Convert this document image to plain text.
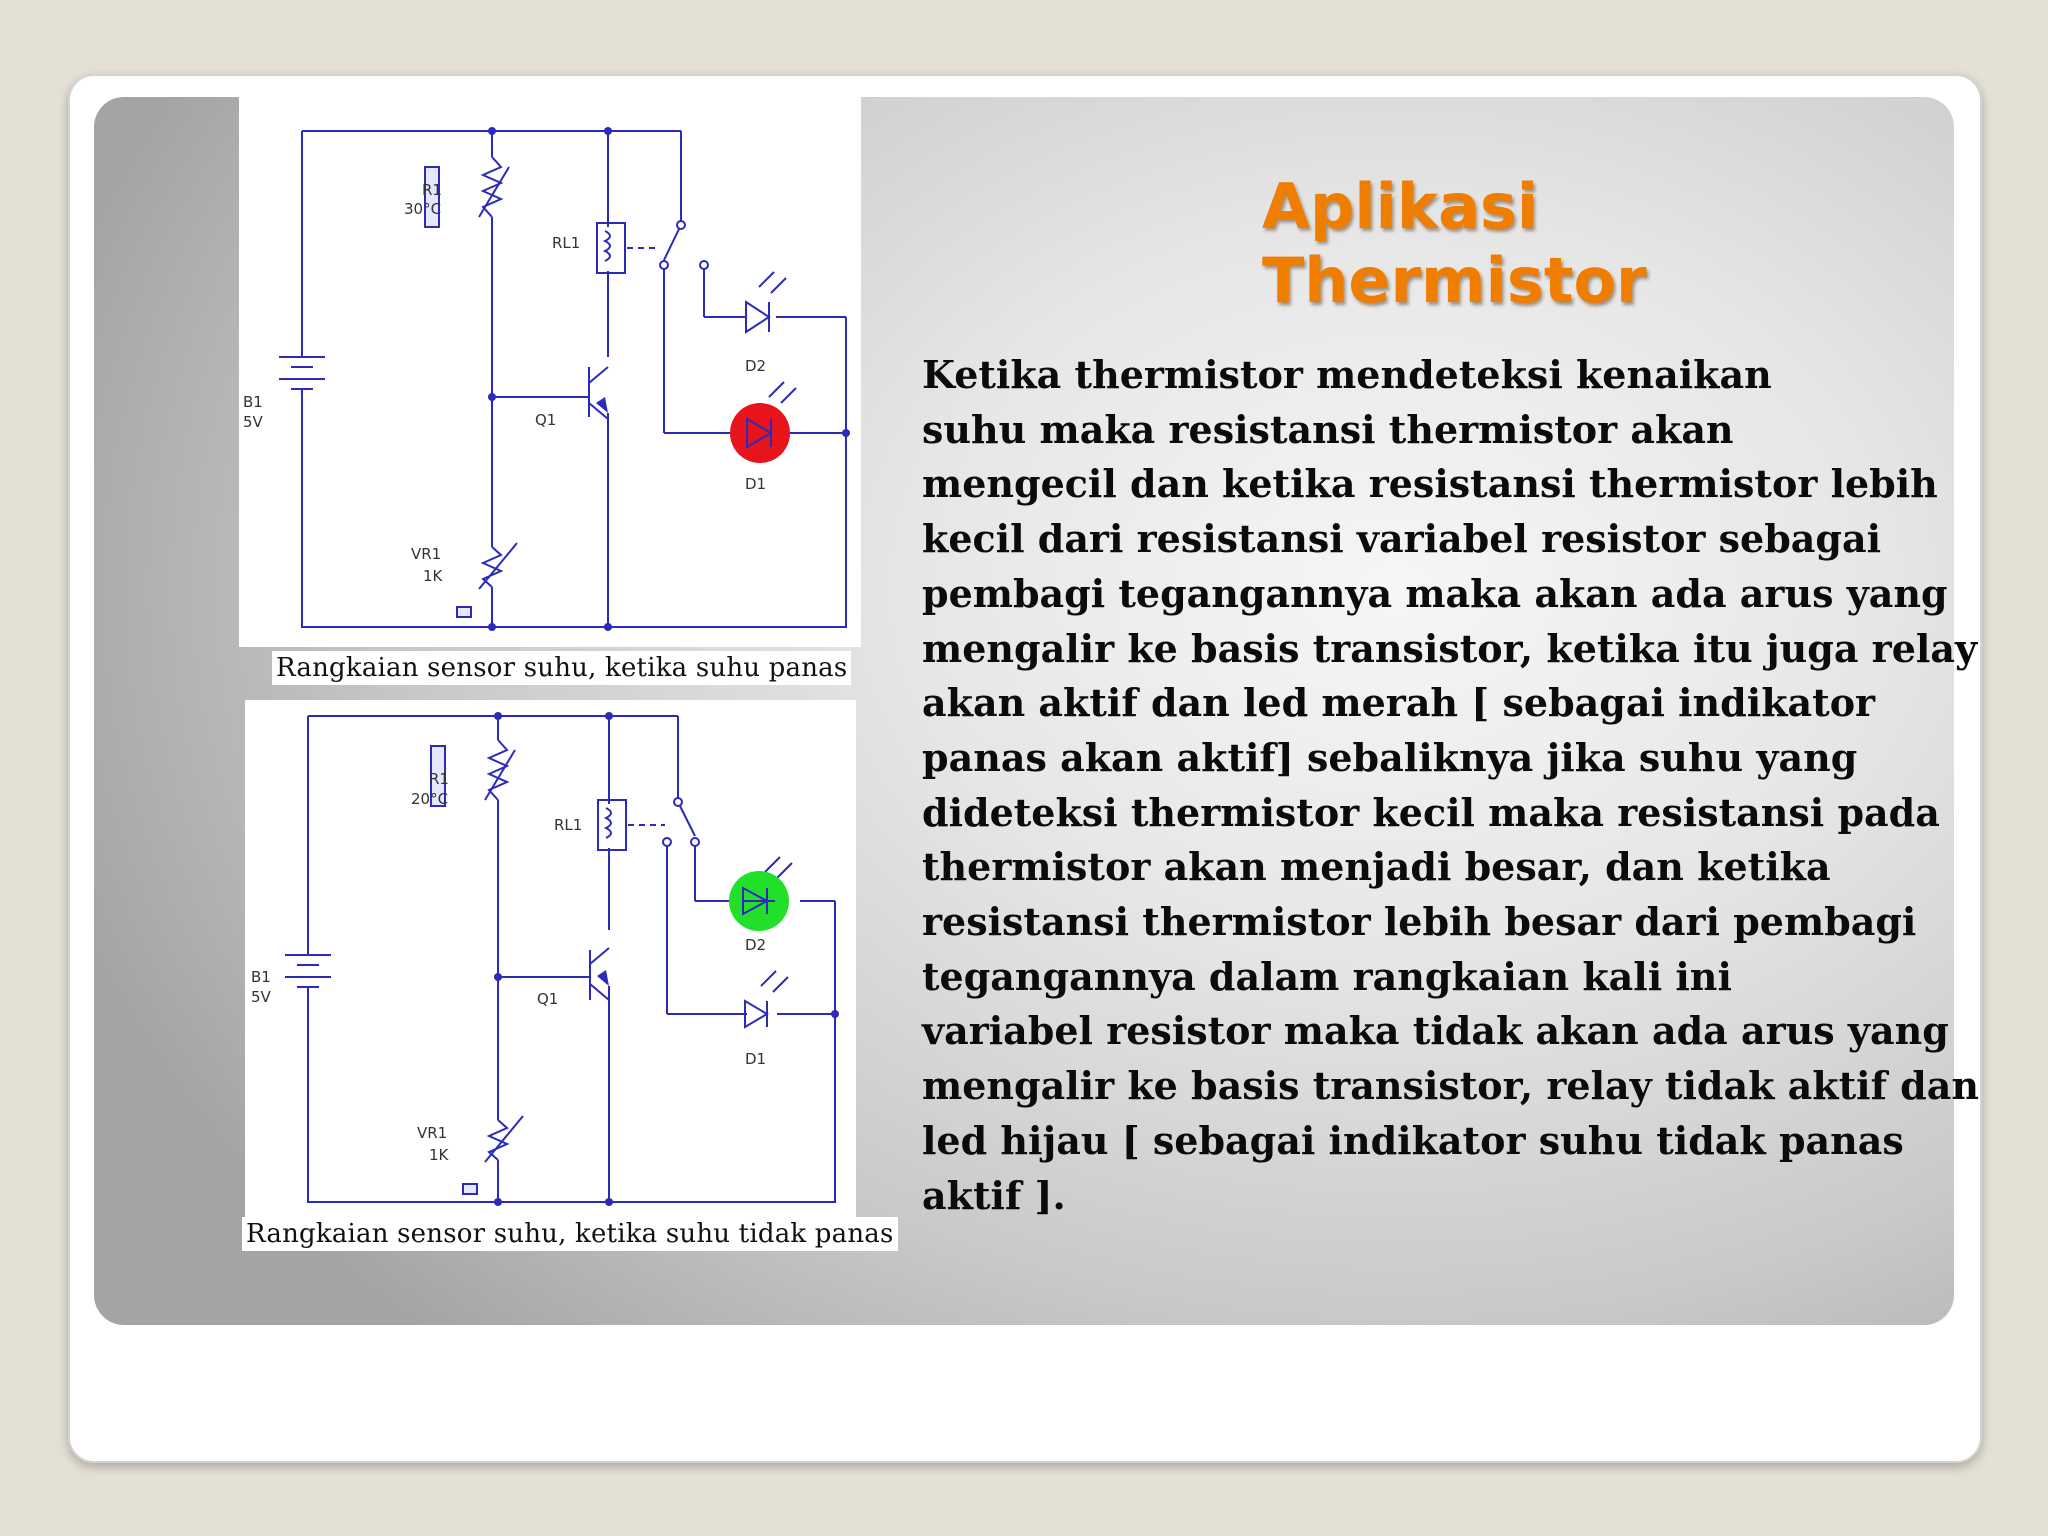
R1
30°C
RL1
B1
5V	Q1
D2
D1
VR1
1K
Rangkaian sensor suhu, ketika suhu panas
R1
20°C
RL1
B1
5V	Q1
D2
D1
VR1
1K
Rangkaian sensor suhu, ketika suhu tidak panas
Aplikasi
Thermistor
Ketika thermistor mendeteksi kenaikan
suhu maka resistansi thermistor akan
mengecil dan ketika resistansi thermistor lebih
kecil dari resistansi variabel resistor sebagai
pembagi tegangannya maka akan ada arus yang
mengalir ke basis transistor, ketika itu juga relay
akan aktif dan led merah [ sebagai indikator
panas akan aktif] sebaliknya jika suhu yang
dideteksi thermistor kecil maka resistansi pada
thermistor akan menjadi besar, dan ketika
resistansi thermistor lebih besar dari pembagi
tegangannya dalam rangkaian kali ini
variabel resistor maka tidak akan ada arus yang
mengalir ke basis transistor, relay tidak aktif dan
led hijau [ sebagai indikator suhu tidak panas
aktif ].
